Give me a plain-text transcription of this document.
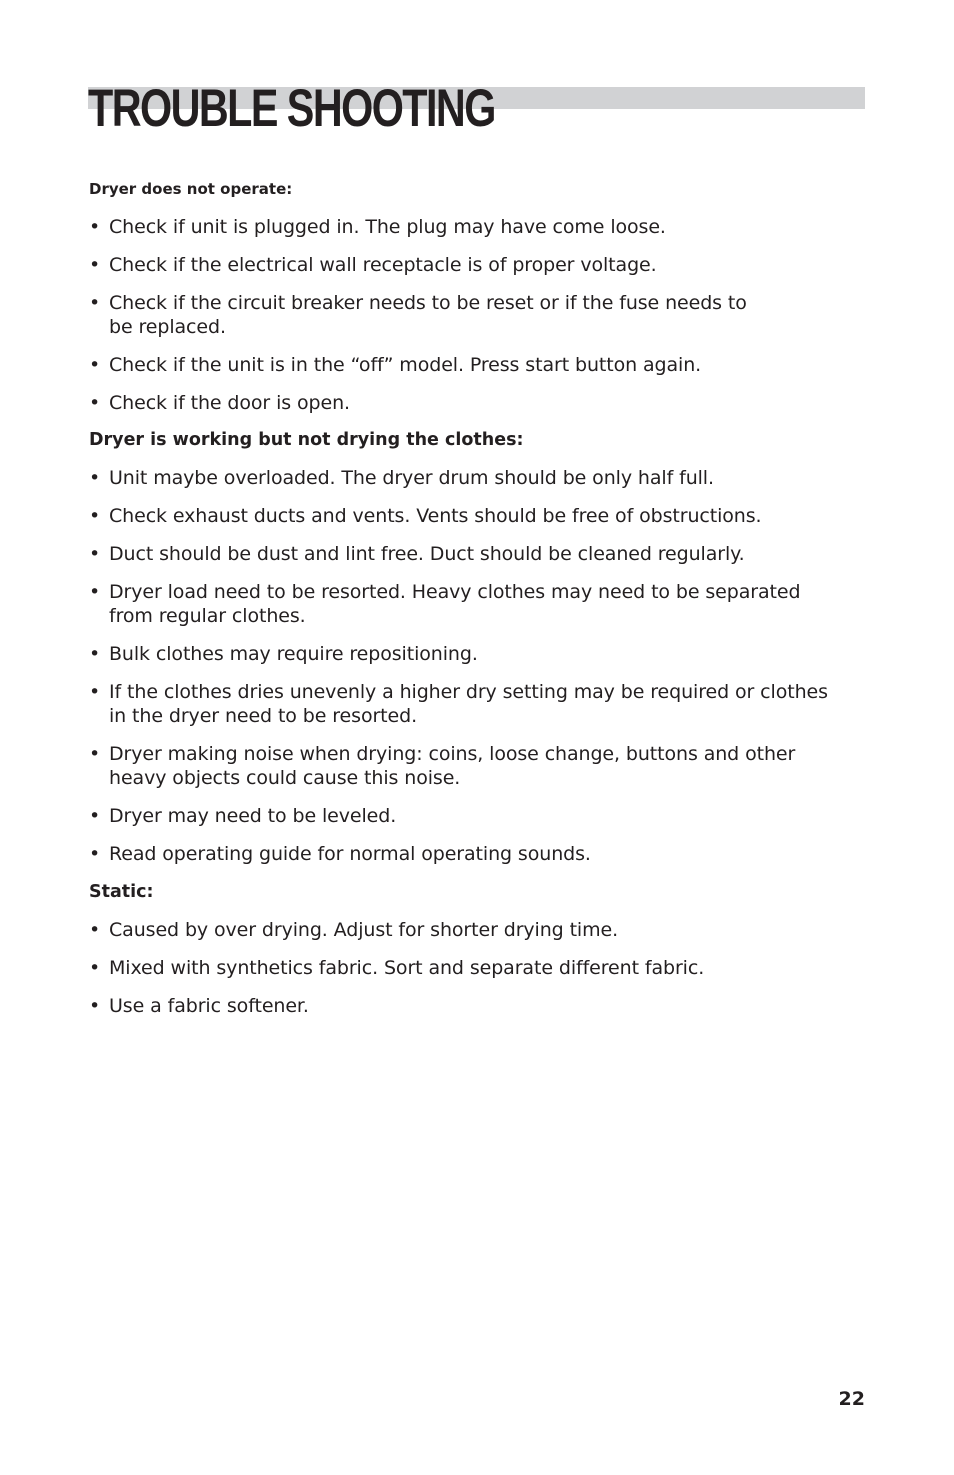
TROUBLE SHOOTING
Dryer does not operate:
• Check if unit is plugged in. The plug may have come loose.
• Check if the electrical wall receptacle is of proper voltage.
• Check if the circuit breaker needs to be reset or if the fuse needs to be replaced.
• Check if the unit is in the “off” model. Press start button again.
• Check if the door is open.
Dryer is working but not drying the clothes:
• Unit maybe overloaded. The dryer drum should be only half full.
• Check exhaust ducts and vents. Vents should be free of obstructions.
• Duct should be dust and lint free. Duct should be cleaned regularly.
• Dryer load need to be resorted. Heavy clothes may need to be separated from regular clothes.
• Bulk clothes may require repositioning.
• If the clothes dries unevenly a higher dry setting may be required or clothes in the dryer need to be resorted.
• Dryer making noise when drying: coins, loose change, buttons and other heavy objects could cause this noise.
• Dryer may need to be leveled.
• Read operating guide for normal operating sounds.
Static:
• Caused by over drying. Adjust for shorter drying time.
• Mixed with synthetics fabric. Sort and separate different fabric.
• Use a fabric softener.
22
